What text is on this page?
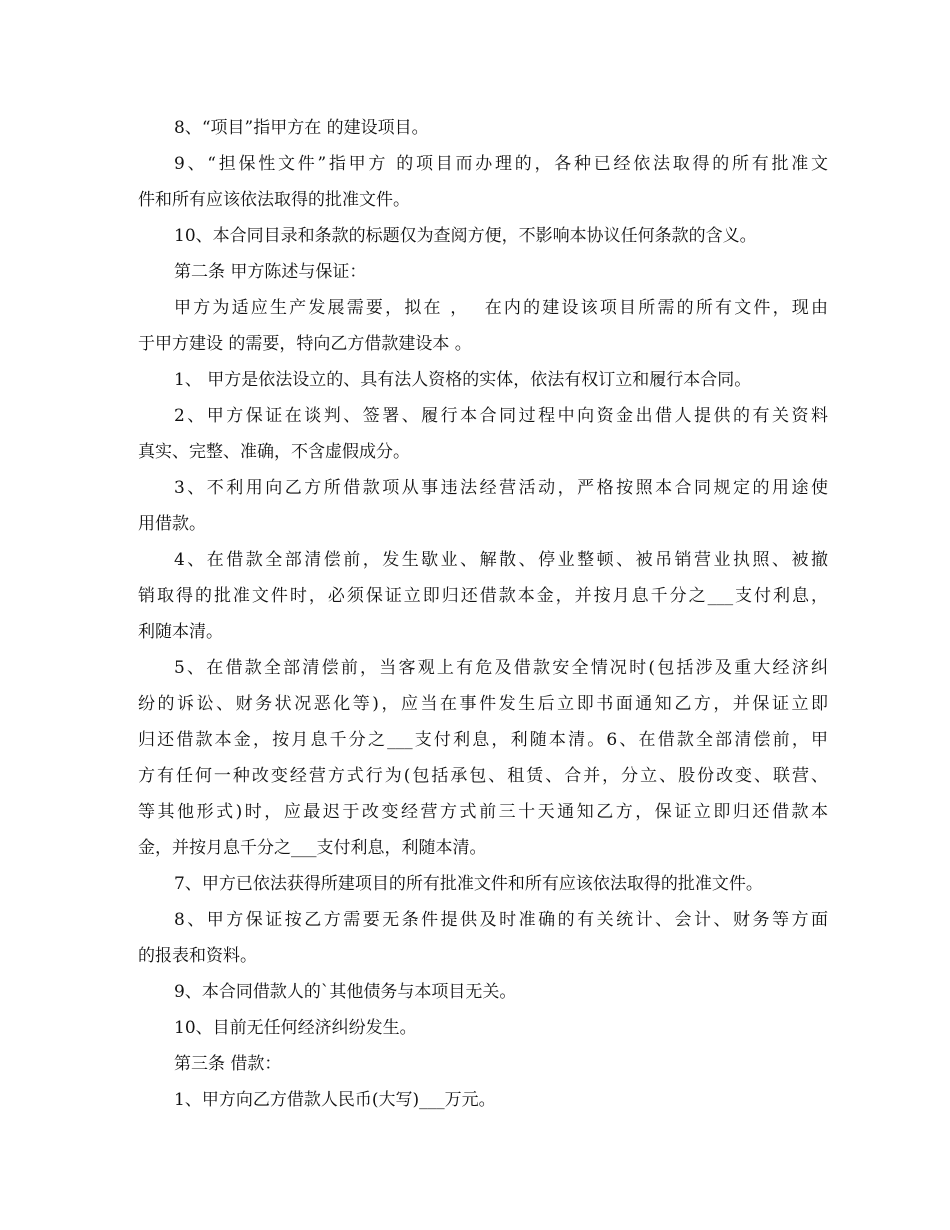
8、“项目”指甲方在 的建设项目。
9、“担保性文件”指甲方 的项目而办理的，各种已经依法取得的所有批准文
件和所有应该依法取得的批准文件。
10、本合同目录和条款的标题仅为查阅方便，不影响本协议任何条款的含义。
第二条 甲方陈述与保证：
甲方为适应生产发展需要，拟在 ，  在内的建设该项目所需的所有文件，现由
于甲方建设 的需要，特向乙方借款建设本 。
1、 甲方是依法设立的、具有法人资格的实体，依法有权订立和履行本合同。
2、甲方保证在谈判、签署、履行本合同过程中向资金出借人提供的有关资料
真实、完整、准确，不含虚假成分。
3、不利用向乙方所借款项从事违法经营活动，严格按照本合同规定的用途使
用借款。
4、在借款全部清偿前，发生歇业、解散、停业整顿、被吊销营业执照、被撤
销取得的批准文件时，必须保证立即归还借款本金，并按月息千分之___支付利息，
利随本清。
5、在借款全部清偿前，当客观上有危及借款安全情况时(包括涉及重大经济纠
纷的诉讼、财务状况恶化等)，应当在事件发生后立即书面通知乙方，并保证立即
归还借款本金，按月息千分之___支付利息，利随本清。6、在借款全部清偿前，甲
方有任何一种改变经营方式行为(包括承包、租赁、合并，分立、股份改变、联营、
等其他形式)时，应最迟于改变经营方式前三十天通知乙方，保证立即归还借款本
金，并按月息千分之___支付利息，利随本清。
7、甲方已依法获得所建项目的所有批准文件和所有应该依法取得的批准文件。
8、甲方保证按乙方需要无条件提供及时准确的有关统计、会计、财务等方面
的报表和资料。
9、本合同借款人的`其他债务与本项目无关。
10、目前无任何经济纠纷发生。
第三条 借款：
1、甲方向乙方借款人民币(大写)___万元。
